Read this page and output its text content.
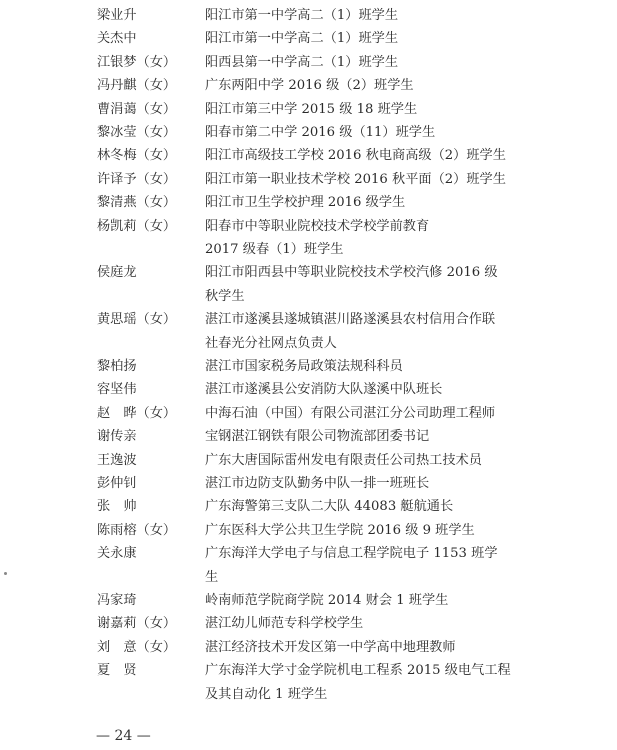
梁业升	阳江市第一中学高二（1）班学生
关杰中	阳江市第一中学高二（1）班学生
江银梦（女） 阳西县第一中学高二（1）班学生
冯丹麒（女） 广东两阳中学 2016 级（2）班学生
曹涓蔼（女） 阳江市第三中学 2015 级 18 班学生
黎冰莹（女） 阳春市第二中学 2016 级（11）班学生
林冬梅（女） 阳江市高级技工学校 2016 秋电商高级（2）班学生
许译予（女） 阳江市第一职业技术学校 2016 秋平面（2）班学生
黎清燕（女） 阳江市卫生学校护理 2016 级学生
杨凯莉（女） 阳春市中等职业院校技术学校学前教育
2017 级春（1）班学生
侯庭龙	阳江市阳西县中等职业院校技术学校汽修 2016 级
秋学生
黄思瑶（女） 湛江市遂溪县遂城镇湛川路遂溪县农村信用合作联
社春光分社网点负责人
黎柏扬	湛江市国家税务局政策法规科科员
容坚伟	湛江市遂溪县公安消防大队遂溪中队班长
赵　晔（女） 中海石油（中国）有限公司湛江分公司助理工程师
谢传亲	宝钢湛江钢铁有限公司物流部团委书记
王逸波	广东大唐国际雷州发电有限责任公司热工技术员
彭仲钊	湛江市边防支队勤务中队一排一班班长
张　帅	广东海警第三支队二大队 44083 艇航通长
陈雨榕（女） 广东医科大学公共卫生学院 2016 级 9 班学生
关永康	广东海洋大学电子与信息工程学院电子 1153 班学
生
冯家琦	岭南师范学院商学院 2014 财会 1 班学生
谢嘉莉（女） 湛江幼儿师范专科学校学生
刘　意（女） 湛江经济技术开发区第一中学高中地理教师
夏　贤	广东海洋大学寸金学院机电工程系 2015 级电气工程
及其自动化 1 班学生
— 24 —
